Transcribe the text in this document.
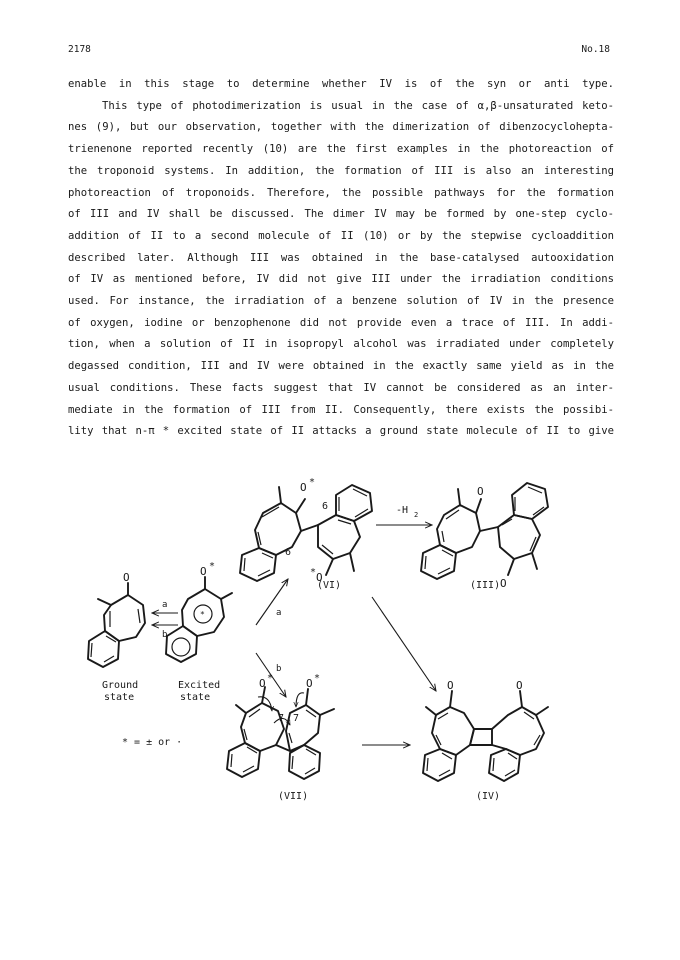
2178	No.18
enable in this stage to determine whether IV is of the syn or anti type.
This type of photodimerization is usual in the case of α,β-unsaturated keto-
nes (9), but our observation, together with the dimerization of dibenzocyclohepta-
trienenone reported recently (10) are the first examples in the photoreaction of
the troponoid systems. In addition, the formation of III is also an interesting
photoreaction of troponoids. Therefore, the possible pathways for the formation
of III and IV shall be discussed. The dimer IV may be formed by one-step cyclo-
addition of II to a second molecule of II (10) or by the stepwise cycloaddition
described later. Although III was obtained in the base-catalysed autooxidation
of IV as mentioned before, IV did not give III under the irradiation conditions
used. For instance, the irradiation of a benzene solution of IV in the presence
of oxygen, iodine or benzophenone did not provide even a trace of III. In addi-
tion, when a solution of II in isopropyl alcohol was irradiated under completely
degassed condition, III and IV were obtained in the exactly same yield as in the
usual conditions. These facts suggest that IV cannot be considered as an inter-
mediate in the formation of III from II. Consequently, there exists the possibi-
lity that n-π * excited state of II attacks a ground state molecule of II to give
O *
6
6
O
*
(VI)
-H 2
O
O
(III)
O
Ground
state
a
b
O *
*
Excited
state
* = ± or ·
a
b
O *	O *
7 7
(VII)
O	O
(IV)
